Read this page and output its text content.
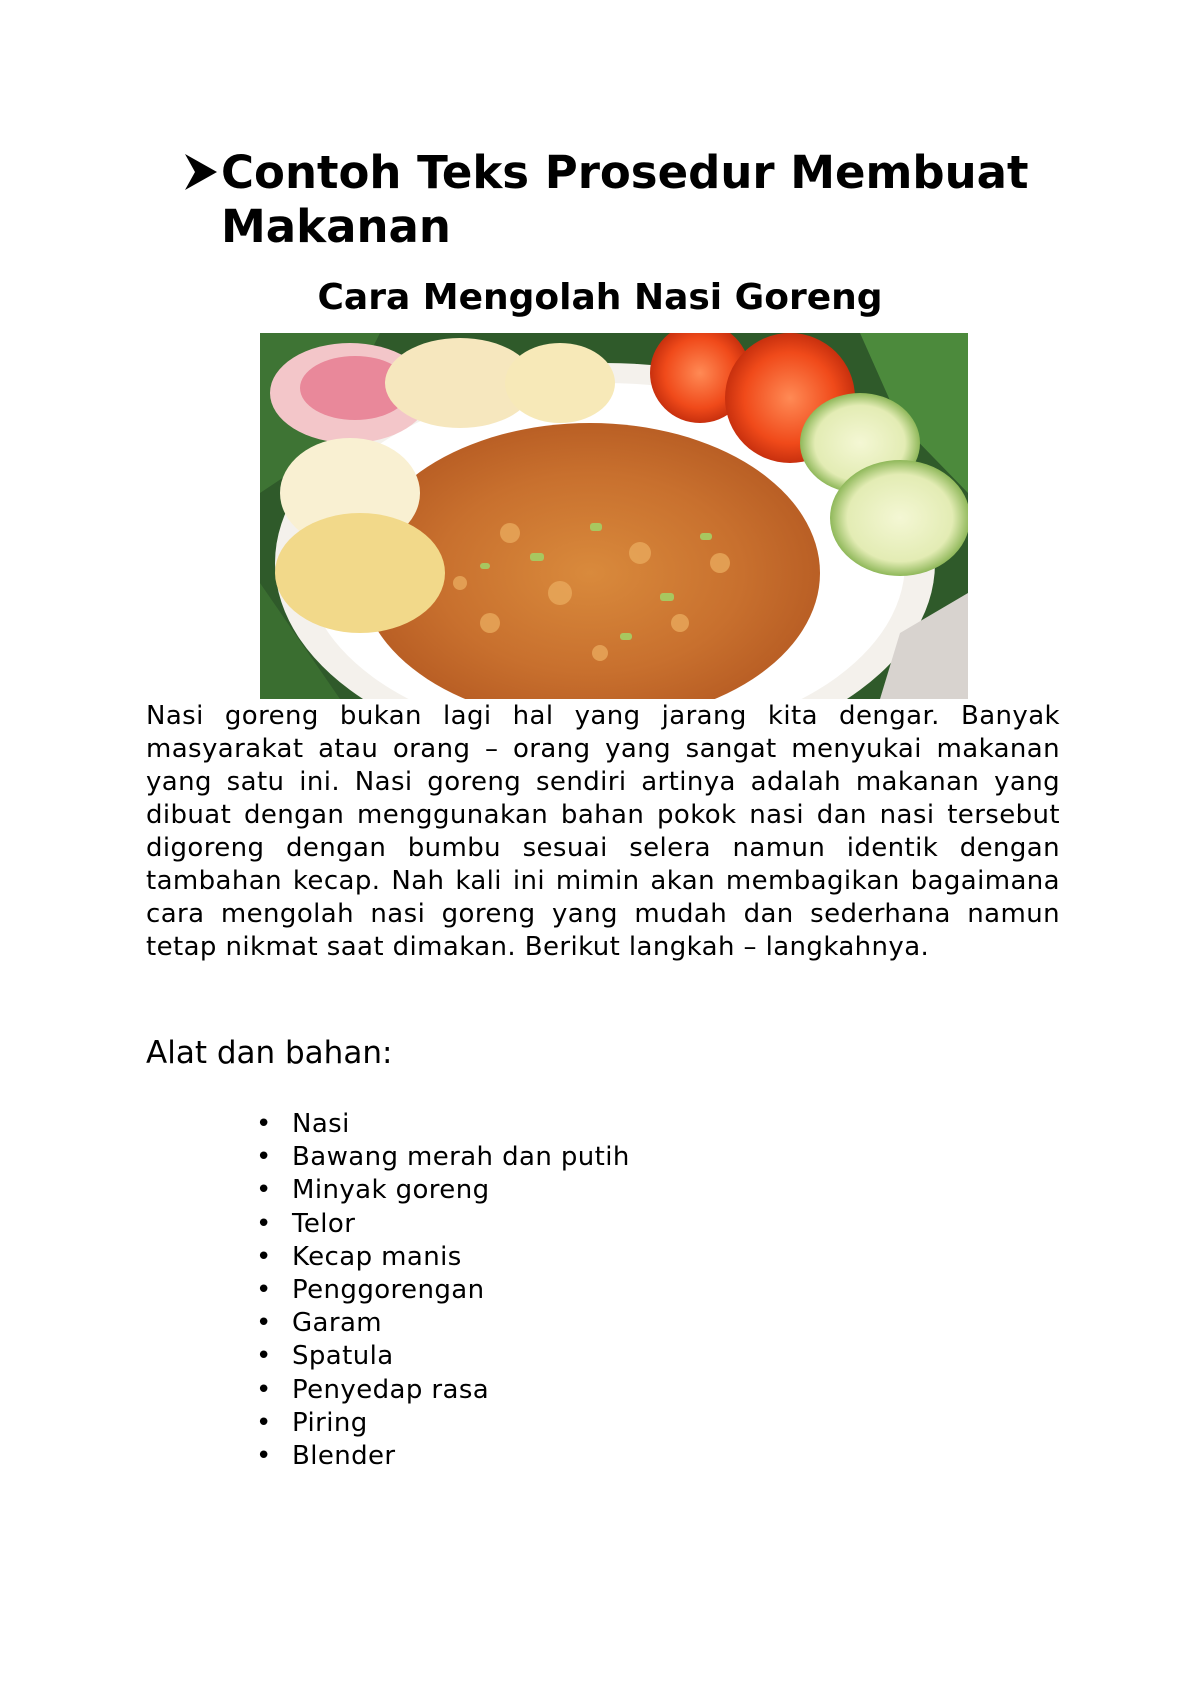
Contoh Teks Prosedur Membuat Makanan
Cara Mengolah Nasi Goreng
Nasi goreng bukan lagi hal yang jarang kita dengar. Banyak masyarakat atau orang – orang yang sangat menyukai makanan yang satu ini. Nasi goreng sendiri artinya adalah makanan yang dibuat dengan menggunakan bahan pokok nasi dan nasi tersebut digoreng dengan bumbu sesuai selera namun identik dengan tambahan kecap. Nah kali ini mimin akan membagikan bagaimana cara mengolah nasi goreng yang mudah dan sederhana namun tetap nikmat saat dimakan. Berikut langkah – langkahnya.
Alat dan bahan:
• Nasi
• Bawang merah dan putih
• Minyak goreng
• Telor
• Kecap manis
• Penggorengan
• Garam
• Spatula
• Penyedap rasa
• Piring
• Blender
